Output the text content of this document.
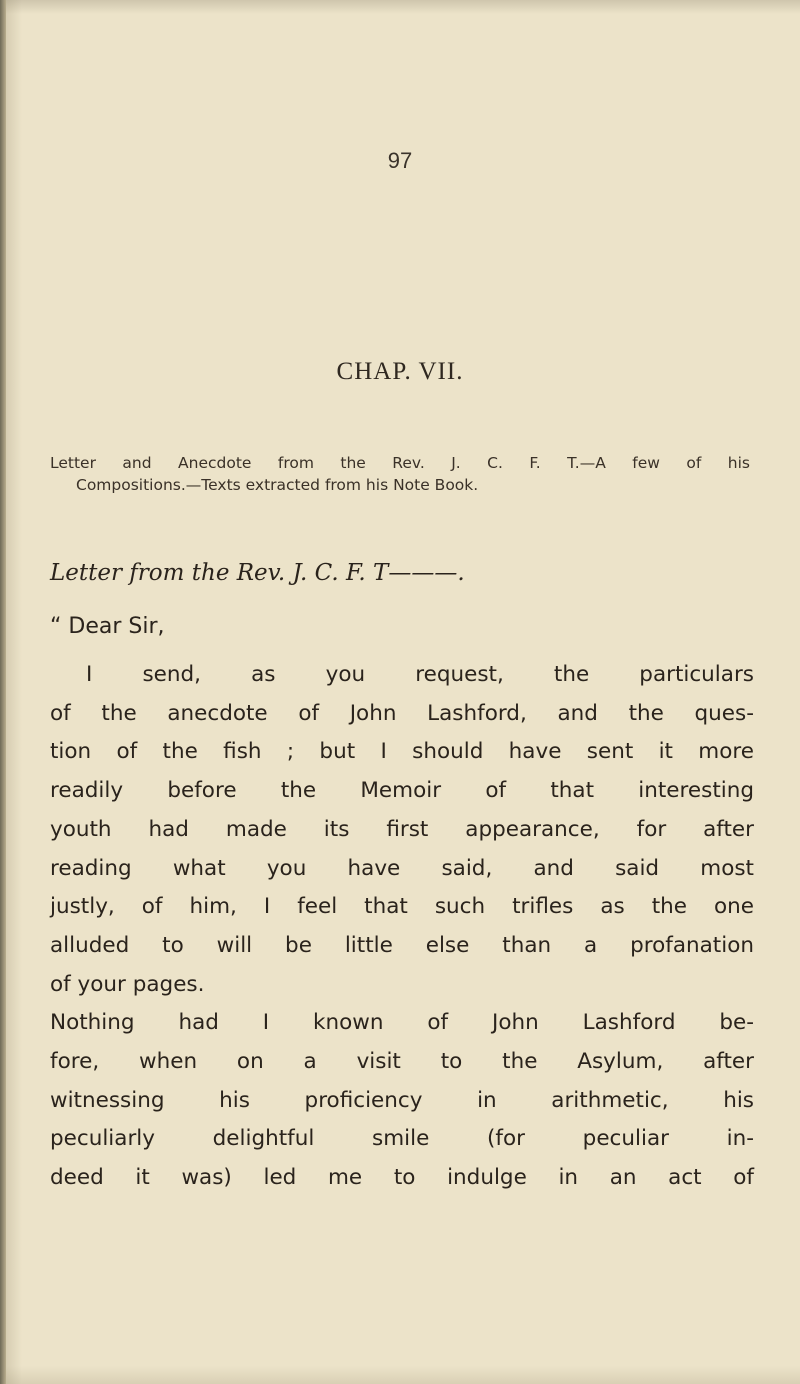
97
CHAP. VII.
Letter and Anecdote from the Rev. J. C. F. T.—A few of his
Compositions.—Texts extracted from his Note Book.
Letter from the Rev. J. C. F. T———.
“ Dear Sir,
I send, as you request, the particulars
of the anecdote of John Lashford, and the ques-
tion of the fish ; but I should have sent it more
readily before the Memoir of that interesting
youth had made its first appearance, for after
reading what you have said, and said most
justly, of him, I feel that such trifles as the one
alluded to will be little else than a profanation
of your pages.
Nothing had I known of John Lashford be-
fore, when on a visit to the Asylum, after
witnessing his proficiency in arithmetic, his
peculiarly delightful smile (for peculiar in-
deed it was) led me to indulge in an act of
